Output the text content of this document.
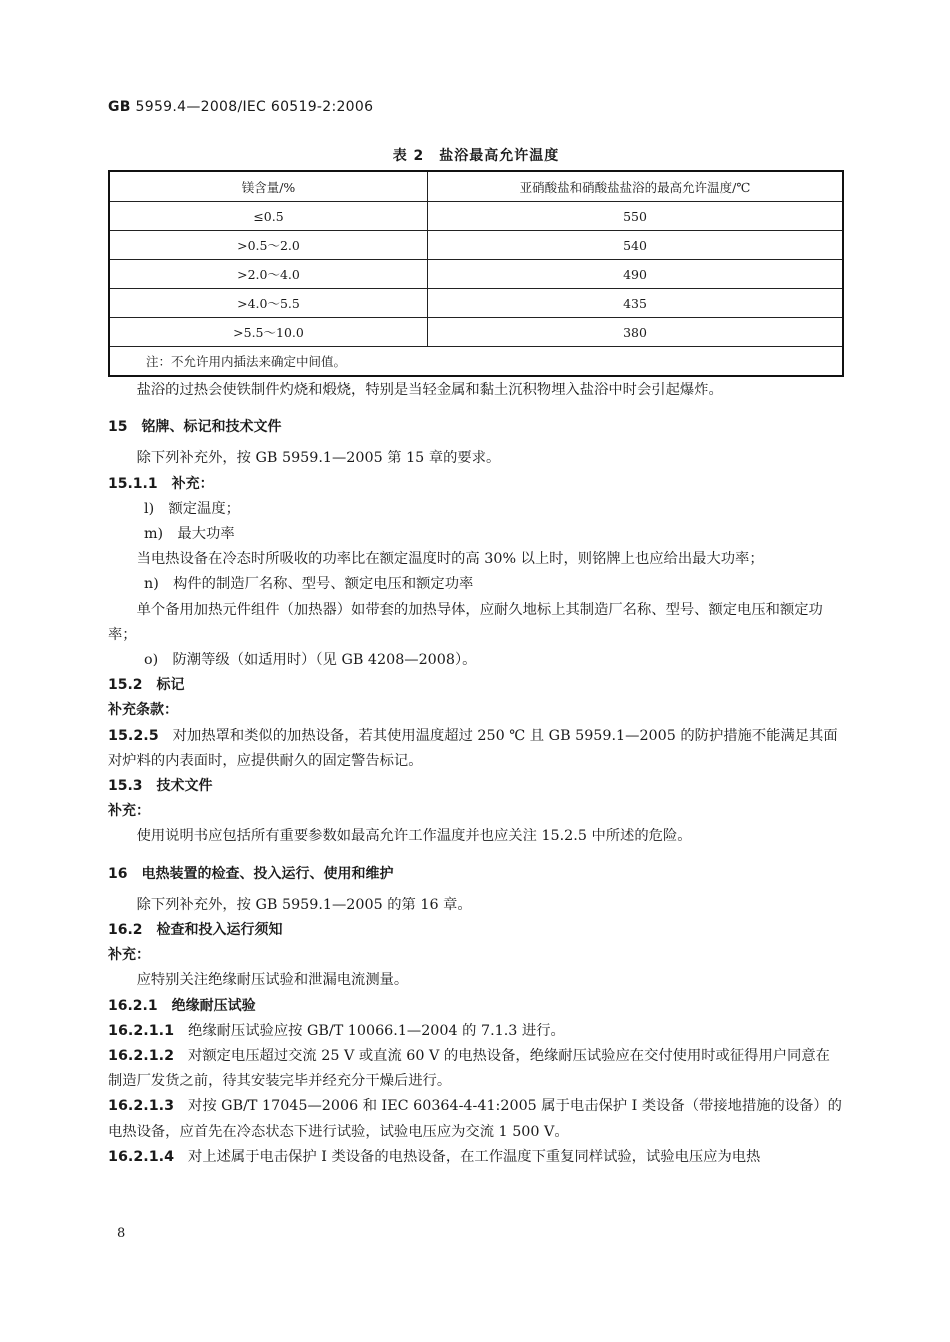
GB 5959.4—2008/IEC 60519-2:2006
表 2　盐浴最高允许温度
镁含量/%	亚硝酸盐和硝酸盐盐浴的最高允许温度/℃
≤0.5	550
>0.5～2.0	540
>2.0～4.0	490
>4.0～5.5	435
>5.5～10.0	380
注：不允许用内插法来确定中间值。	

盐浴的过热会使铁制件灼烧和煅烧，特别是当轻金属和黏土沉积物埋入盐浴中时会引起爆炸。

15 铭牌、标记和技术文件

除下列补充外，按 GB 5959.1—2005 第 15 章的要求。

15.1.1 补充：

l)　额定温度；

m)　最大功率

当电热设备在冷态时所吸收的功率比在额定温度时的高 30% 以上时，则铭牌上也应给出最大功率；

n)　构件的制造厂名称、型号、额定电压和额定功率

单个备用加热元件组件（加热器）如带套的加热导体，应耐久地标上其制造厂名称、型号、额定电压和额定功率；

o)　防潮等级（如适用时）（见 GB 4208—2008）。

15.2 标记

补充条款：

15.2.5 对加热罩和类似的加热设备，若其使用温度超过 250 ℃ 且 GB 5959.1—2005 的防护措施不能满足其面对炉料的内表面时，应提供耐久的固定警告标记。

15.3 技术文件

补充：

使用说明书应包括所有重要参数如最高允许工作温度并也应关注 15.2.5 中所述的危险。

16 电热装置的检查、投入运行、使用和维护

除下列补充外，按 GB 5959.1—2005 的第 16 章。

16.2 检查和投入运行须知

补充：

应特别关注绝缘耐压试验和泄漏电流测量。

16.2.1 绝缘耐压试验

16.2.1.1 绝缘耐压试验应按 GB/T 10066.1—2004 的 7.1.3 进行。

16.2.1.2 对额定电压超过交流 25 V 或直流 60 V 的电热设备，绝缘耐压试验应在交付使用时或征得用户同意在制造厂发货之前，待其安装完毕并经充分干燥后进行。

16.2.1.3 对按 GB/T 17045—2006 和 IEC 60364-4-41:2005 属于电击保护 Ⅰ 类设备（带接地措施的设备）的电热设备，应首先在冷态状态下进行试验，试验电压应为交流 1 500 V。

16.2.1.4 对上述属于电击保护 Ⅰ 类设备的电热设备，在工作温度下重复同样试验，试验电压应为电热

8
